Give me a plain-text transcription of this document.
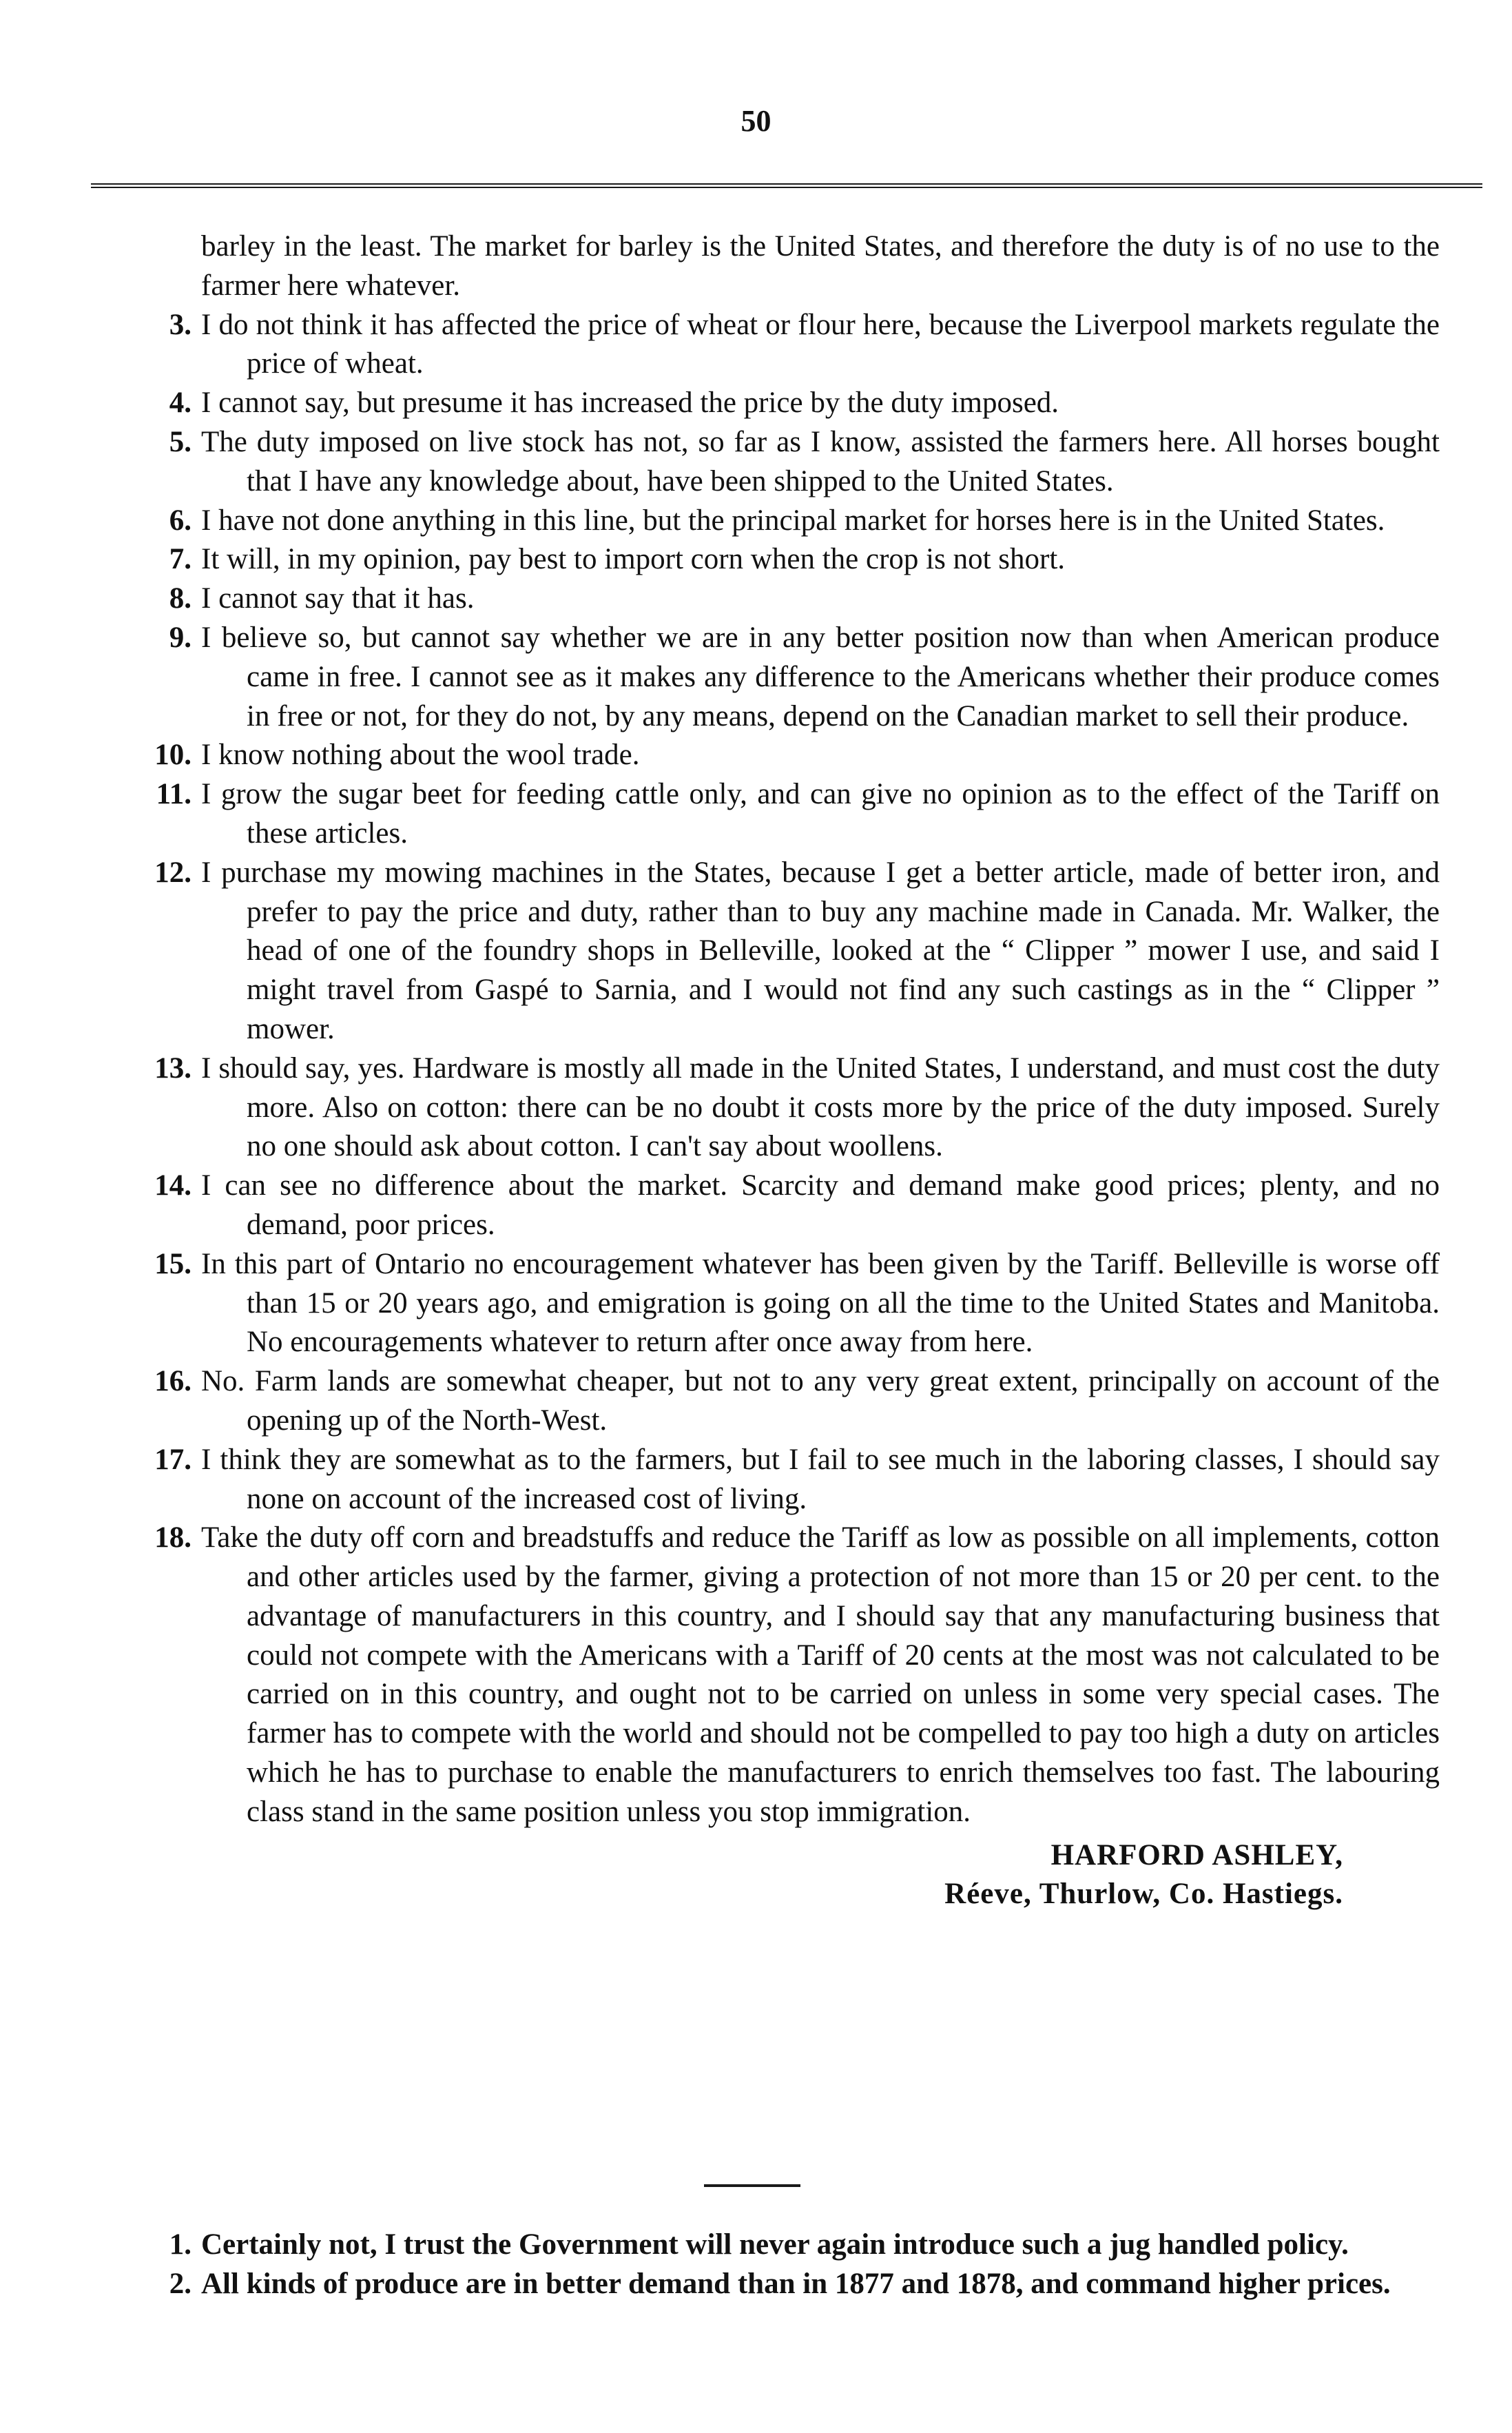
50
barley in the least. The market for barley is the United States, and therefore the duty is of no use to the farmer here whatever.
3. I do not think it has affected the price of wheat or flour here, because the Liverpool markets regulate the price of wheat.
4. I cannot say, but presume it has increased the price by the duty imposed.
5. The duty imposed on live stock has not, so far as I know, assisted the farmers here. All horses bought that I have any knowledge about, have been shipped to the United States.
6. I have not done anything in this line, but the principal market for horses here is in the United States.
7. It will, in my opinion, pay best to import corn when the crop is not short.
8. I cannot say that it has.
9. I believe so, but cannot say whether we are in any better position now than when American produce came in free. I cannot see as it makes any difference to the Americans whether their produce comes in free or not, for they do not, by any means, depend on the Canadian market to sell their produce.
10. I know nothing about the wool trade.
11. I grow the sugar beet for feeding cattle only, and can give no opinion as to the effect of the Tariff on these articles.
12. I purchase my mowing machines in the States, because I get a better article, made of better iron, and prefer to pay the price and duty, rather than to buy any machine made in Canada. Mr. Walker, the head of one of the foundry shops in Belleville, looked at the “ Clipper ” mower I use, and said I might travel from Gaspé to Sarnia, and I would not find any such castings as in the “ Clipper ” mower.
13. I should say, yes. Hardware is mostly all made in the United States, I understand, and must cost the duty more. Also on cotton: there can be no doubt it costs more by the price of the duty imposed. Surely no one should ask about cotton. I can't say about woollens.
14. I can see no difference about the market. Scarcity and demand make good prices; plenty, and no demand, poor prices.
15. In this part of Ontario no encouragement whatever has been given by the Tariff. Belleville is worse off than 15 or 20 years ago, and emigration is going on all the time to the United States and Manitoba. No encouragements whatever to return after once away from here.
16. No. Farm lands are somewhat cheaper, but not to any very great extent, principally on account of the opening up of the North-West.
17. I think they are somewhat as to the farmers, but I fail to see much in the laboring classes, I should say none on account of the increased cost of living.
18. Take the duty off corn and breadstuffs and reduce the Tariff as low as possible on all implements, cotton and other articles used by the farmer, giving a protection of not more than 15 or 20 per cent. to the advantage of manufacturers in this country, and I should say that any manufacturing business that could not compete with the Americans with a Tariff of 20 cents at the most was not calculated to be carried on in this country, and ought not to be carried on unless in some very special cases. The farmer has to compete with the world and should not be compelled to pay too high a duty on articles which he has to purchase to enable the manufacturers to enrich themselves too fast. The labouring class stand in the same position unless you stop immigration.
HARFORD ASHLEY,
Réeve, Thurlow, Co. Hastiegs.
1. Certainly not, I trust the Government will never again introduce such a jug handled policy.
2. All kinds of produce are in better demand than in 1877 and 1878, and command higher prices.
